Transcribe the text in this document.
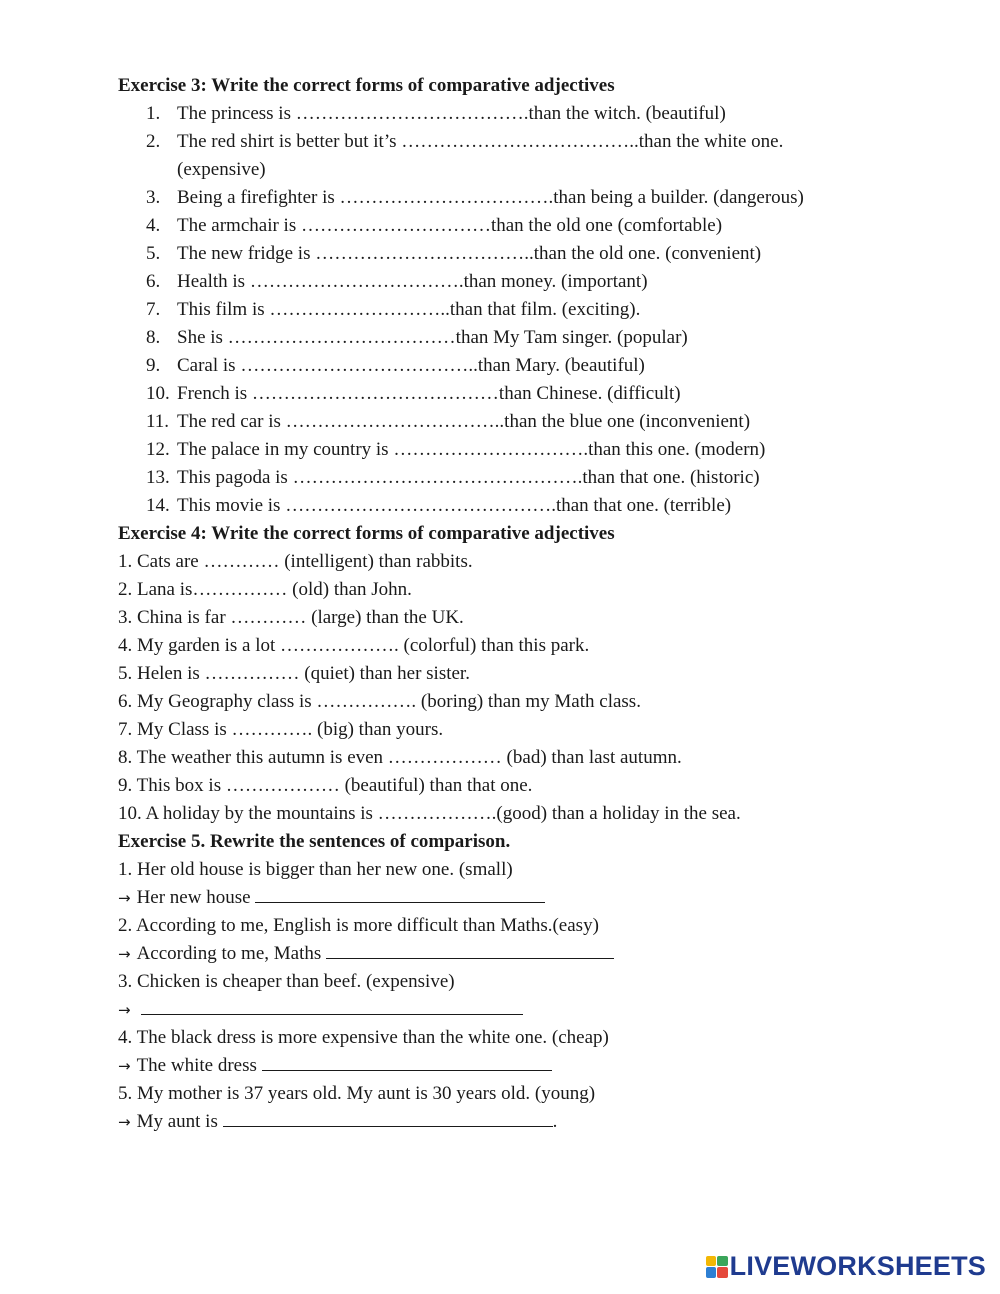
Exercise 3: Write the correct forms of comparative adjectives
1. The princess is ……………………………….than the witch. (beautiful)
2. The red shirt is better but it’s ………………………………..than the white one. (expensive)
3. Being a firefighter is …………………………….than being a builder. (dangerous)
4. The armchair is …………………………than the old one (comfortable)
5. The new fridge is ……………………………..than the old one. (convenient)
6. Health is …………………………….than money. (important)
7. This film is ………………………..than that film. (exciting).
8. She is ………………………………than My Tam singer. (popular)
9. Caral is ………………………………..than Mary. (beautiful)
10. French is …………………………………than Chinese. (difficult)
11. The red car is ……………………………..than the blue one (inconvenient)
12. The palace in my country is ………………………….than this one. (modern)
13. This pagoda is ……………………………………….than that one. (historic)
14. This movie is …………………………………….than that one. (terrible)
Exercise 4: Write the correct forms of comparative adjectives
1. Cats are ………… (intelligent) than rabbits.
2. Lana is…………… (old) than John.
3. China is far ………… (large) than the UK.
4. My garden is a lot ………………. (colorful) than this park.
5. Helen is …………… (quiet) than her sister.
6. My Geography class is ……………. (boring) than my Math class.
7. My Class is …………. (big) than yours.
8. The weather this autumn is even ……………… (bad) than last autumn.
9. This box is ……………… (beautiful) than that one.
10. A holiday by the mountains is ……………….(good) than a holiday in the sea.
Exercise 5. Rewrite the sentences of comparison.
1. Her old house is bigger than her new one. (small)
→ Her new house
2. According to me, English is more difficult than Maths.(easy)
→ According to me, Maths
3. Chicken is cheaper than beef. (expensive)
→
4. The black dress is more expensive than the white one. (cheap)
→ The white dress
5. My mother is 37 years old. My aunt is 30 years old. (young)
→ My aunt is	.
LIVEWORKSHEETS
